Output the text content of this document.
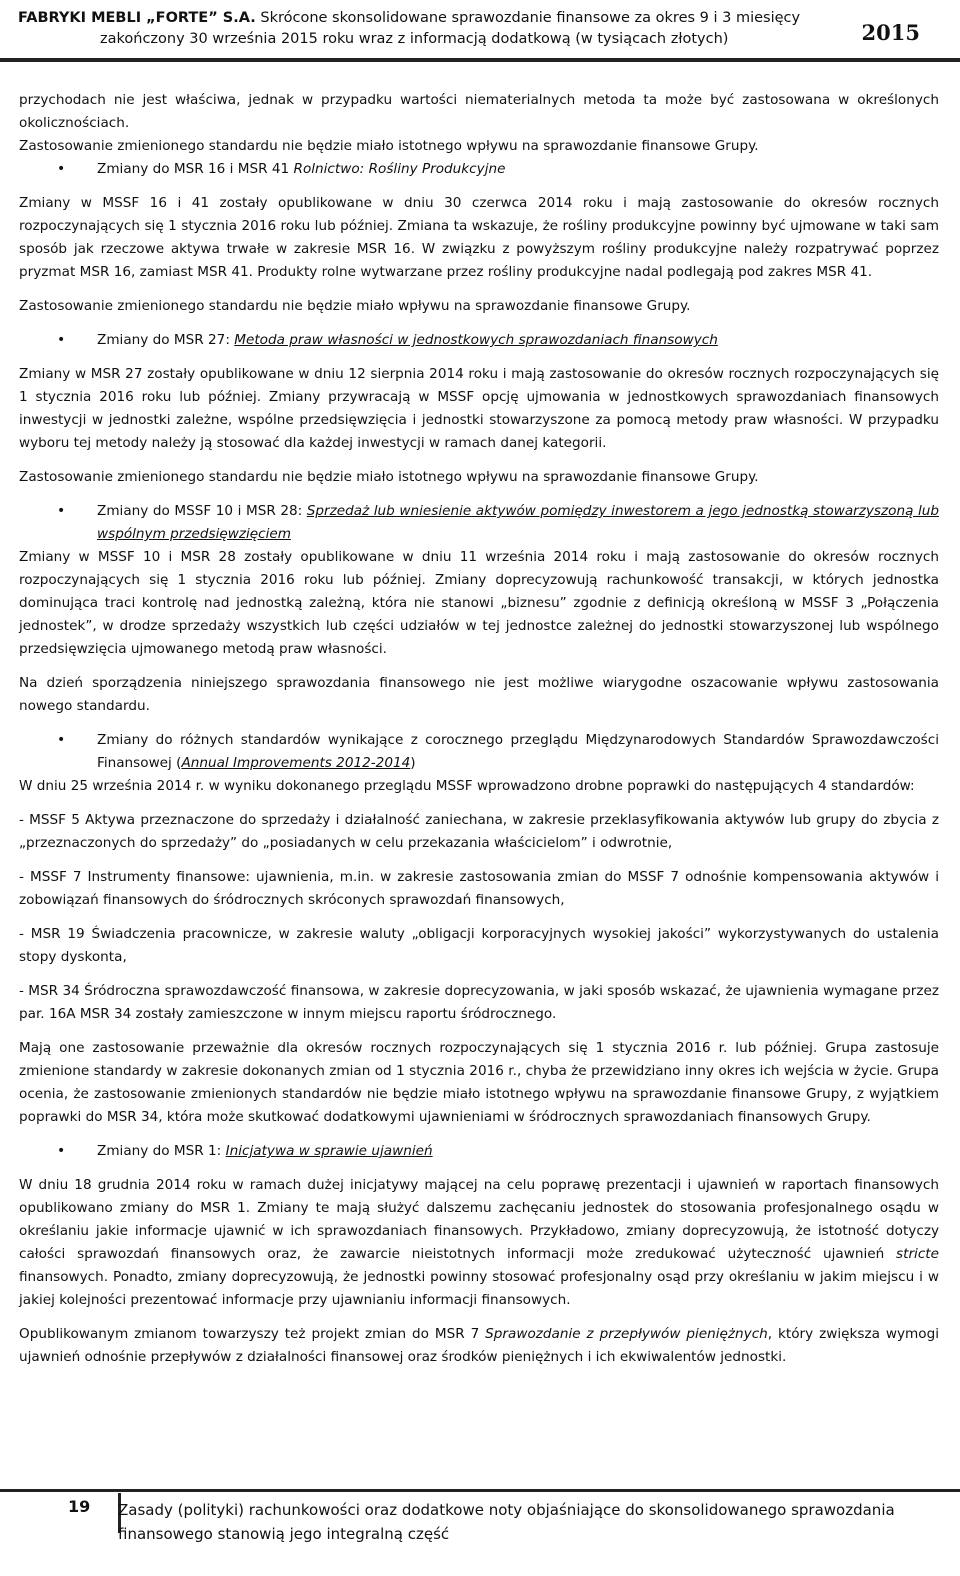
FABRYKI MEBLI „FORTE” S.A. Skrócone skonsolidowane sprawozdanie finansowe za okres 9 i 3 miesięcy
zakończony 30 września 2015 roku wraz z informacją dodatkową (w tysiącach złotych)	2015

przychodach nie jest właściwa, jednak w przypadku wartości niematerialnych metoda ta może być zastosowana w określonych okolicznościach.

Zastosowanie zmienionego standardu nie będzie miało istotnego wpływu na sprawozdanie finansowe Grupy.

• Zmiany do MSR 16 i MSR 41 Rolnictwo: Rośliny Produkcyjne

Zmiany w MSSF 16 i 41 zostały opublikowane w dniu 30 czerwca 2014 roku i mają zastosowanie do okresów rocznych rozpoczynających się 1 stycznia 2016 roku lub później. Zmiana ta wskazuje, że rośliny produkcyjne powinny być ujmowane w taki sam sposób jak rzeczowe aktywa trwałe w zakresie MSR 16. W związku z powyższym rośliny produkcyjne należy rozpatrywać poprzez pryzmat MSR 16, zamiast MSR 41. Produkty rolne wytwarzane przez rośliny produkcyjne nadal podlegają pod zakres MSR 41.

Zastosowanie zmienionego standardu nie będzie miało wpływu na sprawozdanie finansowe Grupy.

• Zmiany do MSR 27: Metoda praw własności w jednostkowych sprawozdaniach finansowych

Zmiany w MSR 27 zostały opublikowane w dniu 12 sierpnia 2014 roku i mają zastosowanie do okresów rocznych rozpoczynających się 1 stycznia 2016 roku lub później. Zmiany przywracają w MSSF opcję ujmowania w jednostkowych sprawozdaniach finansowych inwestycji w jednostki zależne, wspólne przedsięwzięcia i jednostki stowarzyszone za pomocą metody praw własności. W przypadku wyboru tej metody należy ją stosować dla każdej inwestycji w ramach danej kategorii.

Zastosowanie zmienionego standardu nie będzie miało istotnego wpływu na sprawozdanie finansowe Grupy.

• Zmiany do MSSF 10 i MSR 28: Sprzedaż lub wniesienie aktywów pomiędzy inwestorem a jego jednostką stowarzyszoną lub wspólnym przedsięwzięciem

Zmiany w MSSF 10 i MSR 28 zostały opublikowane w dniu 11 września 2014 roku i mają zastosowanie do okresów rocznych rozpoczynających się 1 stycznia 2016 roku lub później. Zmiany doprecyzowują rachunkowość transakcji, w których jednostka dominująca traci kontrolę nad jednostką zależną, która nie stanowi „biznesu” zgodnie z definicją określoną w MSSF 3 „Połączenia jednostek”, w drodze sprzedaży wszystkich lub części udziałów w tej jednostce zależnej do jednostki stowarzyszonej lub wspólnego przedsięwzięcia ujmowanego metodą praw własności.

Na dzień sporządzenia niniejszego sprawozdania finansowego nie jest możliwe wiarygodne oszacowanie wpływu zastosowania nowego standardu.

• Zmiany do różnych standardów wynikające z corocznego przeglądu Międzynarodowych Standardów Sprawozdawczości Finansowej (Annual Improvements 2012-2014)

W dniu 25 września 2014 r. w wyniku dokonanego przeglądu MSSF wprowadzono drobne poprawki do następujących 4 standardów:

- MSSF 5 Aktywa przeznaczone do sprzedaży i działalność zaniechana, w zakresie przeklasyfikowania aktywów lub grupy do zbycia z „przeznaczonych do sprzedaży” do „posiadanych w celu przekazania właścicielom” i odwrotnie,

- MSSF 7 Instrumenty finansowe: ujawnienia, m.in. w zakresie zastosowania zmian do MSSF 7 odnośnie kompensowania aktywów i zobowiązań finansowych do śródrocznych skróconych sprawozdań finansowych,

- MSR 19 Świadczenia pracownicze, w zakresie waluty „obligacji korporacyjnych wysokiej jakości” wykorzystywanych do ustalenia stopy dyskonta,

- MSR 34 Śródroczna sprawozdawczość finansowa, w zakresie doprecyzowania, w jaki sposób wskazać, że ujawnienia wymagane przez par. 16A MSR 34 zostały zamieszczone w innym miejscu raportu śródrocznego.

Mają one zastosowanie przeważnie dla okresów rocznych rozpoczynających się 1 stycznia 2016 r. lub później. Grupa zastosuje zmienione standardy w zakresie dokonanych zmian od 1 stycznia 2016 r., chyba że przewidziano inny okres ich wejścia w życie. Grupa ocenia, że zastosowanie zmienionych standardów nie będzie miało istotnego wpływu na sprawozdanie finansowe Grupy, z wyjątkiem poprawki do MSR 34, która może skutkować dodatkowymi ujawnieniami w śródrocznych sprawozdaniach finansowych Grupy.

• Zmiany do MSR 1: Inicjatywa w sprawie ujawnień

W dniu 18 grudnia 2014 roku w ramach dużej inicjatywy mającej na celu poprawę prezentacji i ujawnień w raportach finansowych opublikowano zmiany do MSR 1. Zmiany te mają służyć dalszemu zachęcaniu jednostek do stosowania profesjonalnego osądu w określaniu jakie informacje ujawnić w ich sprawozdaniach finansowych. Przykładowo, zmiany doprecyzowują, że istotność dotyczy całości sprawozdań finansowych oraz, że zawarcie nieistotnych informacji może zredukować użyteczność ujawnień stricte finansowych. Ponadto, zmiany doprecyzowują, że jednostki powinny stosować profesjonalny osąd przy określaniu w jakim miejscu i w jakiej kolejności prezentować informacje przy ujawnianiu informacji finansowych.

Opublikowanym zmianom towarzyszy też projekt zmian do MSR 7 Sprawozdanie z przepływów pieniężnych, który zwiększa wymogi ujawnień odnośnie przepływów z działalności finansowej oraz środków pieniężnych i ich ekwiwalentów jednostki.

19 Zasady (polityki) rachunkowości oraz dodatkowe noty objaśniające do skonsolidowanego sprawozdania
finansowego stanowią jego integralną część
